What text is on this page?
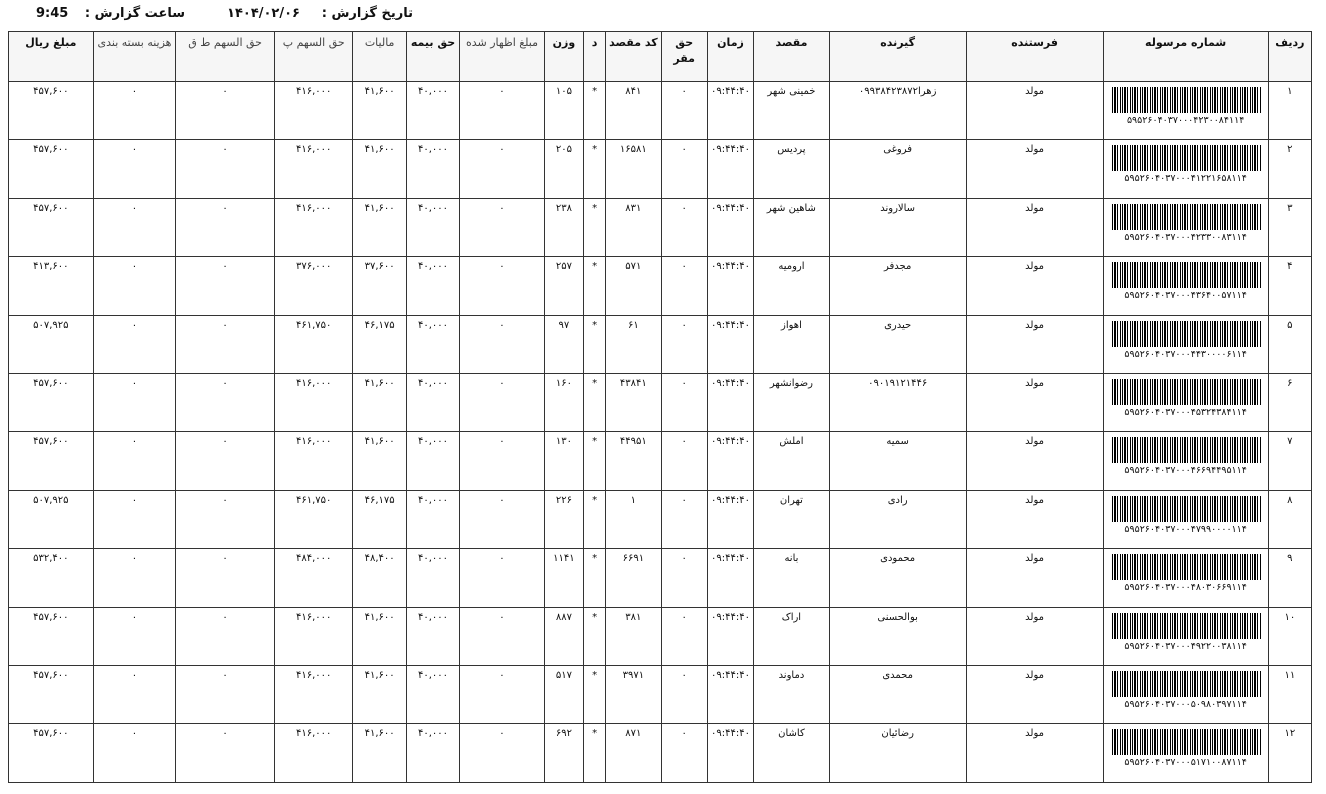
تاریخ گزارش :
۱۴۰۴/۰۲/۰۶
ساعت گزارش :
9:45
ردیف	شماره مرسوله	فرستنده	گیرنده	مقصد	زمان	حق مقر	کد مقصد	د	وزن	مبلغ اظهار شده	حق بیمه	مالیات	حق السهم پ	حق السهم ط ق	هزینه بسته بندی	مبلغ ریال
۱	۵۹۵۲۶۰۴۰۳۷۰۰۰۴۲۳۰۰۸۴۱۱۴	مولد	زهرا۰۹۹۳۸۴۲۳۸۷۲	خمینی شهر	۰۹:۴۴:۴۰	۰	۸۴۱	*	۱۰۵	۰	۴۰,۰۰۰	۴۱,۶۰۰	۴۱۶,۰۰۰	۰	۰	۴۵۷,۶۰۰
۲	۵۹۵۲۶۰۴۰۳۷۰۰۰۴۱۲۲۱۶۵۸۱۱۴	مولد	فروغی	پردیس	۰۹:۴۴:۴۰	۰	۱۶۵۸۱	*	۲۰۵	۰	۴۰,۰۰۰	۴۱,۶۰۰	۴۱۶,۰۰۰	۰	۰	۴۵۷,۶۰۰
۳	۵۹۵۲۶۰۴۰۳۷۰۰۰۴۲۳۳۰۰۸۳۱۱۴	مولد	سالاروند	شاهین شهر	۰۹:۴۴:۴۰	۰	۸۳۱	*	۲۳۸	۰	۴۰,۰۰۰	۴۱,۶۰۰	۴۱۶,۰۰۰	۰	۰	۴۵۷,۶۰۰
۴	۵۹۵۲۶۰۴۰۳۷۰۰۰۴۳۶۴۰۰۵۷۱۱۴	مولد	مجدفر	ارومیه	۰۹:۴۴:۴۰	۰	۵۷۱	*	۲۵۷	۰	۴۰,۰۰۰	۳۷,۶۰۰	۳۷۶,۰۰۰	۰	۰	۴۱۳,۶۰۰
۵	۵۹۵۲۶۰۴۰۳۷۰۰۰۴۴۳۰۰۰۰۶۱۱۴	مولد	حیدری	اهواز	۰۹:۴۴:۴۰	۰	۶۱	*	۹۷	۰	۴۰,۰۰۰	۴۶,۱۷۵	۴۶۱,۷۵۰	۰	۰	۵۰۷,۹۲۵
۶	۵۹۵۲۶۰۴۰۳۷۰۰۰۴۵۳۲۴۳۸۴۱۱۴	مولد	۰۹۰۱۹۱۲۱۴۴۶	رضوانشهر	۰۹:۴۴:۴۰	۰	۴۳۸۴۱	*	۱۶۰	۰	۴۰,۰۰۰	۴۱,۶۰۰	۴۱۶,۰۰۰	۰	۰	۴۵۷,۶۰۰
۷	۵۹۵۲۶۰۴۰۳۷۰۰۰۴۶۶۹۴۴۹۵۱۱۴	مولد	سمیه	املش	۰۹:۴۴:۴۰	۰	۴۴۹۵۱	*	۱۳۰	۰	۴۰,۰۰۰	۴۱,۶۰۰	۴۱۶,۰۰۰	۰	۰	۴۵۷,۶۰۰
۸	۵۹۵۲۶۰۴۰۳۷۰۰۰۴۷۹۹۰۰۰۰۱۱۴	مولد	رادی	تهران	۰۹:۴۴:۴۰	۰	۱	*	۲۲۶	۰	۴۰,۰۰۰	۴۶,۱۷۵	۴۶۱,۷۵۰	۰	۰	۵۰۷,۹۲۵
۹	۵۹۵۲۶۰۴۰۳۷۰۰۰۴۸۰۳۰۶۶۹۱۱۴	مولد	محمودی	بانه	۰۹:۴۴:۴۰	۰	۶۶۹۱	*	۱۱۴۱	۰	۴۰,۰۰۰	۴۸,۴۰۰	۴۸۴,۰۰۰	۰	۰	۵۳۲,۴۰۰
۱۰	۵۹۵۲۶۰۴۰۳۷۰۰۰۴۹۲۲۰۰۳۸۱۱۴	مولد	بوالحسنی	اراک	۰۹:۴۴:۴۰	۰	۳۸۱	*	۸۸۷	۰	۴۰,۰۰۰	۴۱,۶۰۰	۴۱۶,۰۰۰	۰	۰	۴۵۷,۶۰۰
۱۱	۵۹۵۲۶۰۴۰۳۷۰۰۰۵۰۹۸۰۳۹۷۱۱۴	مولد	محمدی	دماوند	۰۹:۴۴:۴۰	۰	۳۹۷۱	*	۵۱۷	۰	۴۰,۰۰۰	۴۱,۶۰۰	۴۱۶,۰۰۰	۰	۰	۴۵۷,۶۰۰
۱۲	۵۹۵۲۶۰۴۰۳۷۰۰۰۵۱۷۱۰۰۸۷۱۱۴	مولد	رضائیان	کاشان	۰۹:۴۴:۴۰	۰	۸۷۱	*	۶۹۲	۰	۴۰,۰۰۰	۴۱,۶۰۰	۴۱۶,۰۰۰	۰	۰	۴۵۷,۶۰۰
